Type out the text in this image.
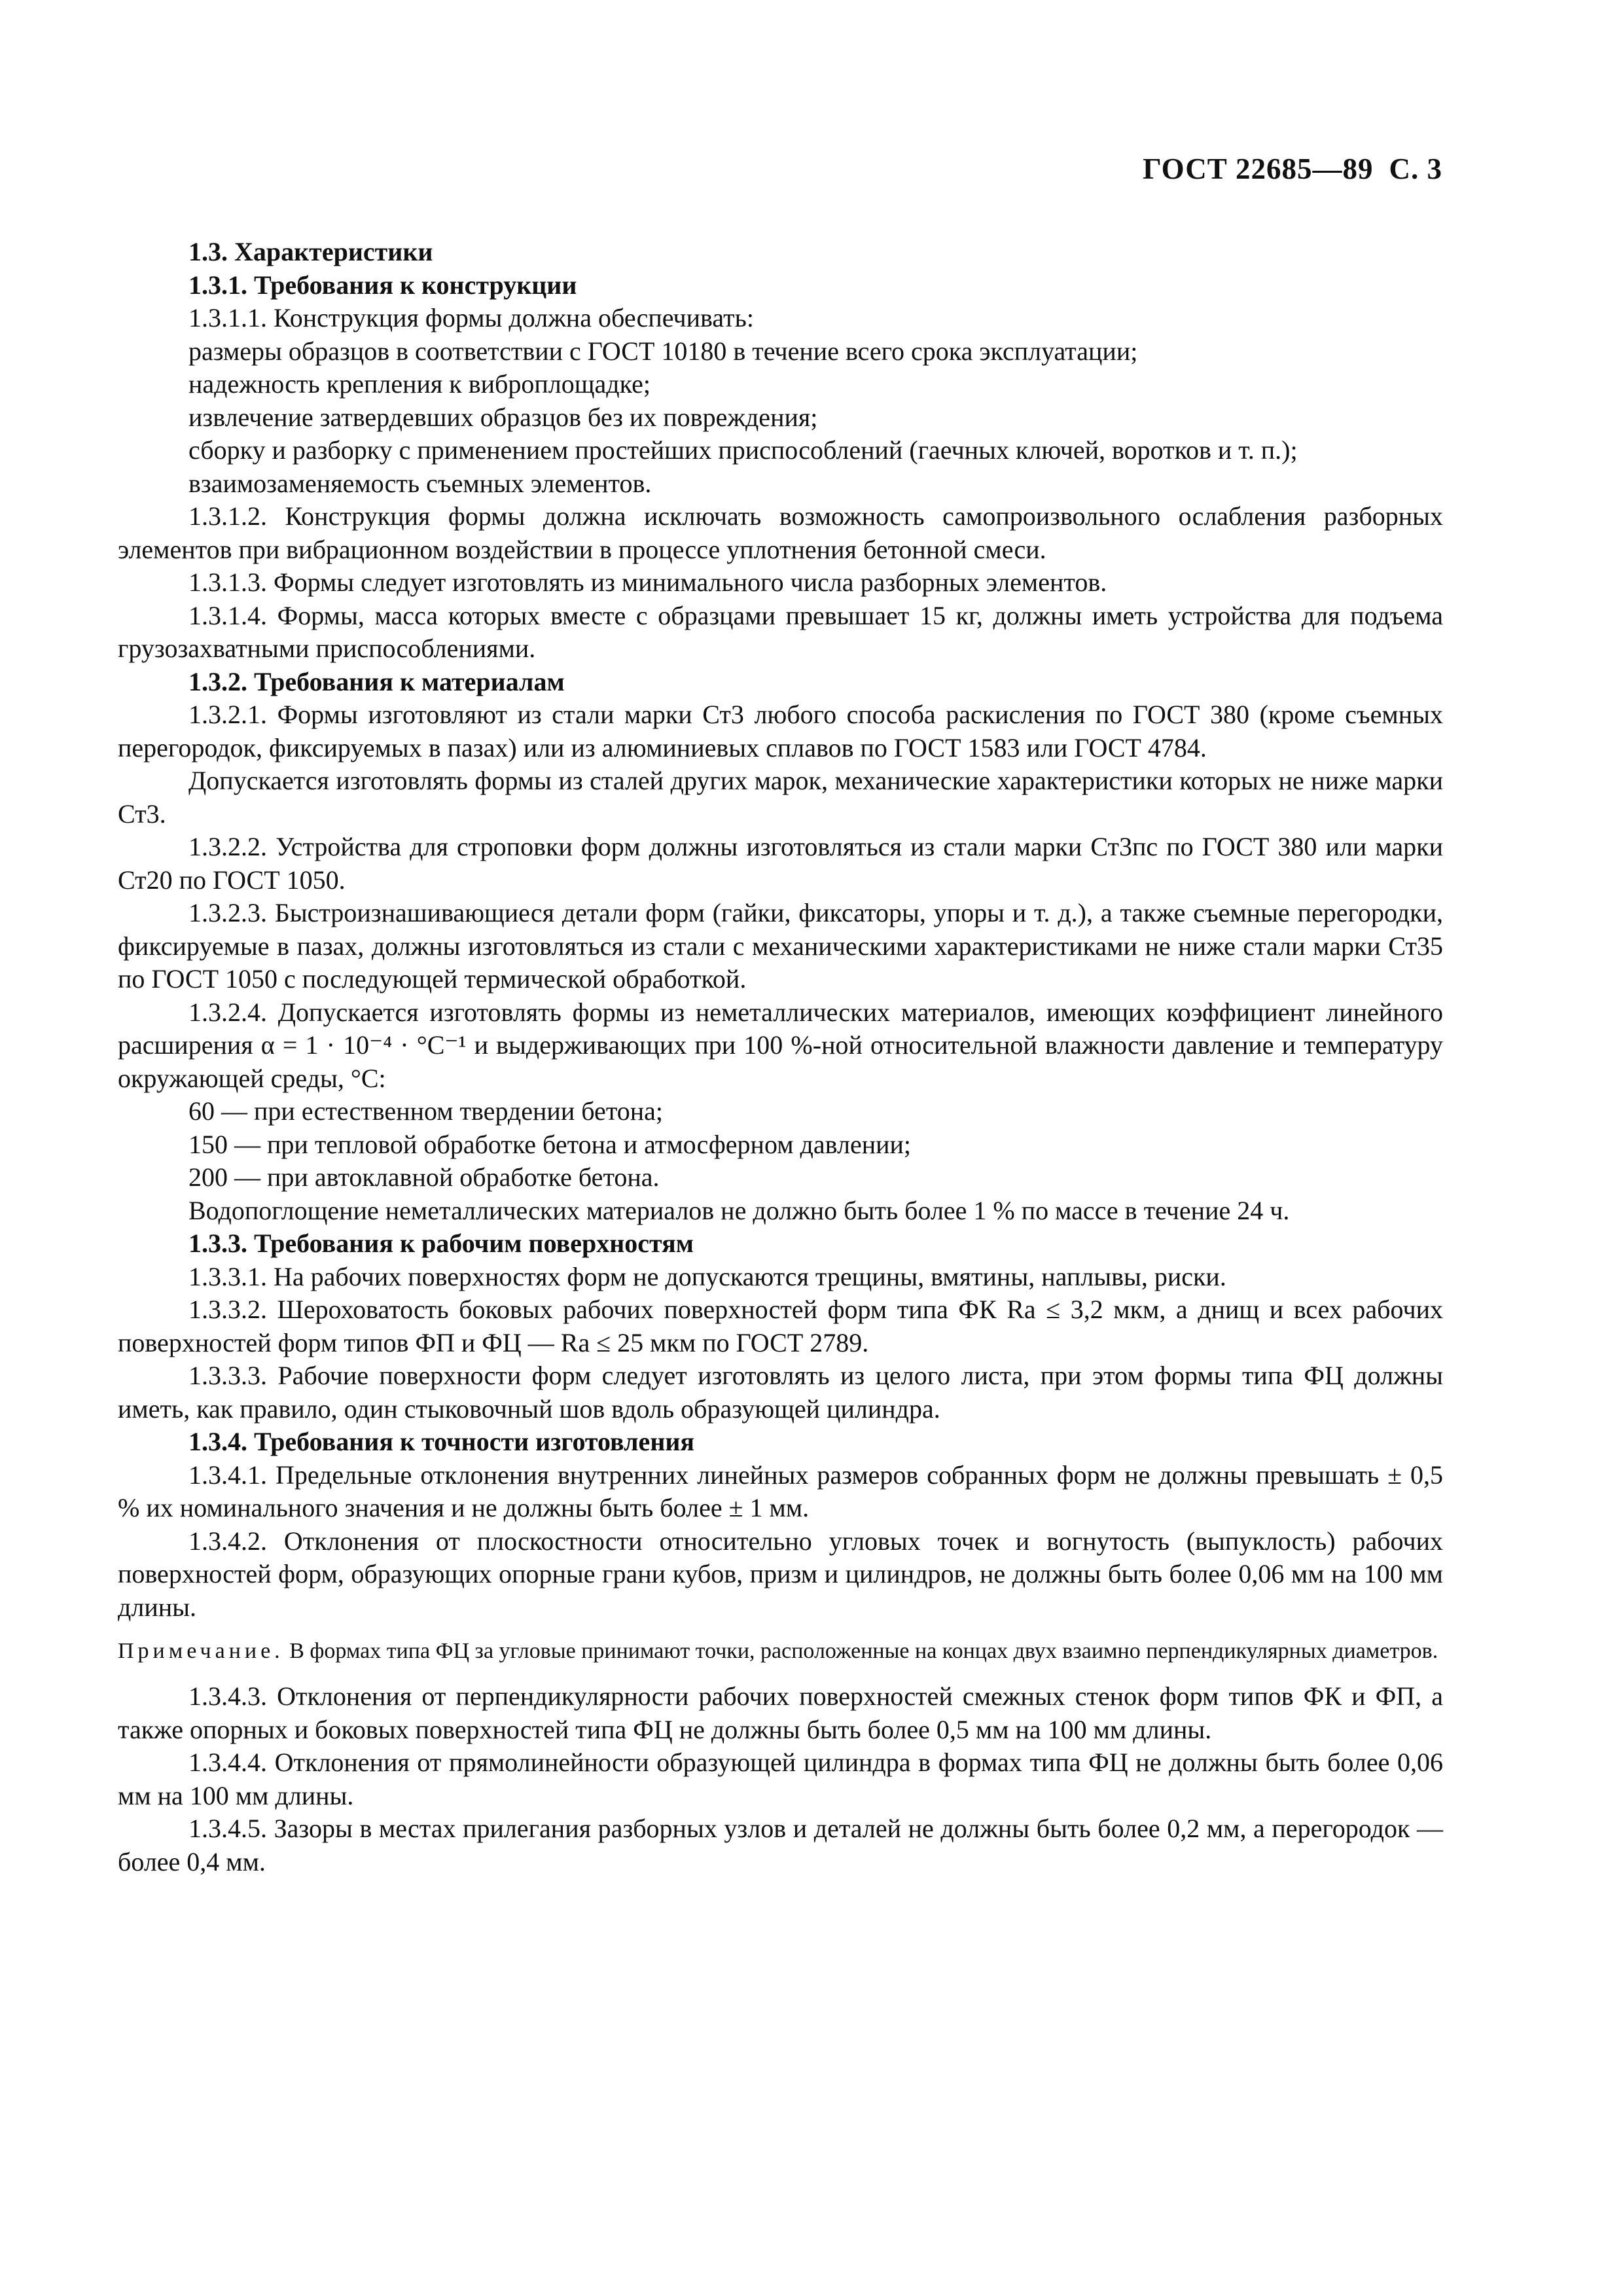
ГОСТ 22685—89 С. 3

1.3. Характеристики

1.3.1. Требования к конструкции

1.3.1.1. Конструкция формы должна обеспечивать:

размеры образцов в соответствии с ГОСТ 10180 в течение всего срока эксплуатации;

надежность крепления к виброплощадке;

извлечение затвердевших образцов без их повреждения;

сборку и разборку с применением простейших приспособлений (гаечных ключей, воротков и т. п.);

взаимозаменяемость съемных элементов.

1.3.1.2. Конструкция формы должна исключать возможность самопроизвольного ослабления разборных элементов при вибрационном воздействии в процессе уплотнения бетонной смеси.

1.3.1.3. Формы следует изготовлять из минимального числа разборных элементов.

1.3.1.4. Формы, масса которых вместе с образцами превышает 15 кг, должны иметь устройства для подъема грузозахватными приспособлениями.

1.3.2. Требования к материалам

1.3.2.1. Формы изготовляют из стали марки Ст3 любого способа раскисления по ГОСТ 380 (кроме съемных перегородок, фиксируемых в пазах) или из алюминиевых сплавов по ГОСТ 1583 или ГОСТ 4784.

Допускается изготовлять формы из сталей других марок, механические характеристики которых не ниже марки Ст3.

1.3.2.2. Устройства для строповки форм должны изготовляться из стали марки Ст3пс по ГОСТ 380 или марки Ст20 по ГОСТ 1050.

1.3.2.3. Быстроизнашивающиеся детали форм (гайки, фиксаторы, упоры и т. д.), а также съемные перегородки, фиксируемые в пазах, должны изготовляться из стали с механическими характеристиками не ниже стали марки Ст35 по ГОСТ 1050 с последующей термической обработкой.

1.3.2.4. Допускается изготовлять формы из неметаллических материалов, имеющих коэффициент линейного расширения α = 1 · 10⁻⁴ · °С⁻¹ и выдерживающих при 100 %-ной относительной влажности давление и температуру окружающей среды, °С:

60 — при естественном твердении бетона;

150 — при тепловой обработке бетона и атмосферном давлении;

200 — при автоклавной обработке бетона.

Водопоглощение неметаллических материалов не должно быть более 1 % по массе в течение 24 ч.

1.3.3. Требования к рабочим поверхностям

1.3.3.1. На рабочих поверхностях форм не допускаются трещины, вмятины, наплывы, риски.

1.3.3.2. Шероховатость боковых рабочих поверхностей форм типа ФК Ra ≤ 3,2 мкм, а днищ и всех рабочих поверхностей форм типов ФП и ФЦ — Ra ≤ 25 мкм по ГОСТ 2789.

1.3.3.3. Рабочие поверхности форм следует изготовлять из целого листа, при этом формы типа ФЦ должны иметь, как правило, один стыковочный шов вдоль образующей цилиндра.

1.3.4. Требования к точности изготовления

1.3.4.1. Предельные отклонения внутренних линейных размеров собранных форм не должны превышать ± 0,5 % их номинального значения и не должны быть более ± 1 мм.

1.3.4.2. Отклонения от плоскостности относительно угловых точек и вогнутость (выпуклость) рабочих поверхностей форм, образующих опорные грани кубов, призм и цилиндров, не должны быть более 0,06 мм на 100 мм длины.

Примечание. В формах типа ФЦ за угловые принимают точки, расположенные на концах двух взаимно перпендикулярных диаметров.

1.3.4.3. Отклонения от перпендикулярности рабочих поверхностей смежных стенок форм типов ФК и ФП, а также опорных и боковых поверхностей типа ФЦ не должны быть более 0,5 мм на 100 мм длины.

1.3.4.4. Отклонения от прямолинейности образующей цилиндра в формах типа ФЦ не должны быть более 0,06 мм на 100 мм длины.

1.3.4.5. Зазоры в местах прилегания разборных узлов и деталей не должны быть более 0,2 мм, а перегородок — более 0,4 мм.
